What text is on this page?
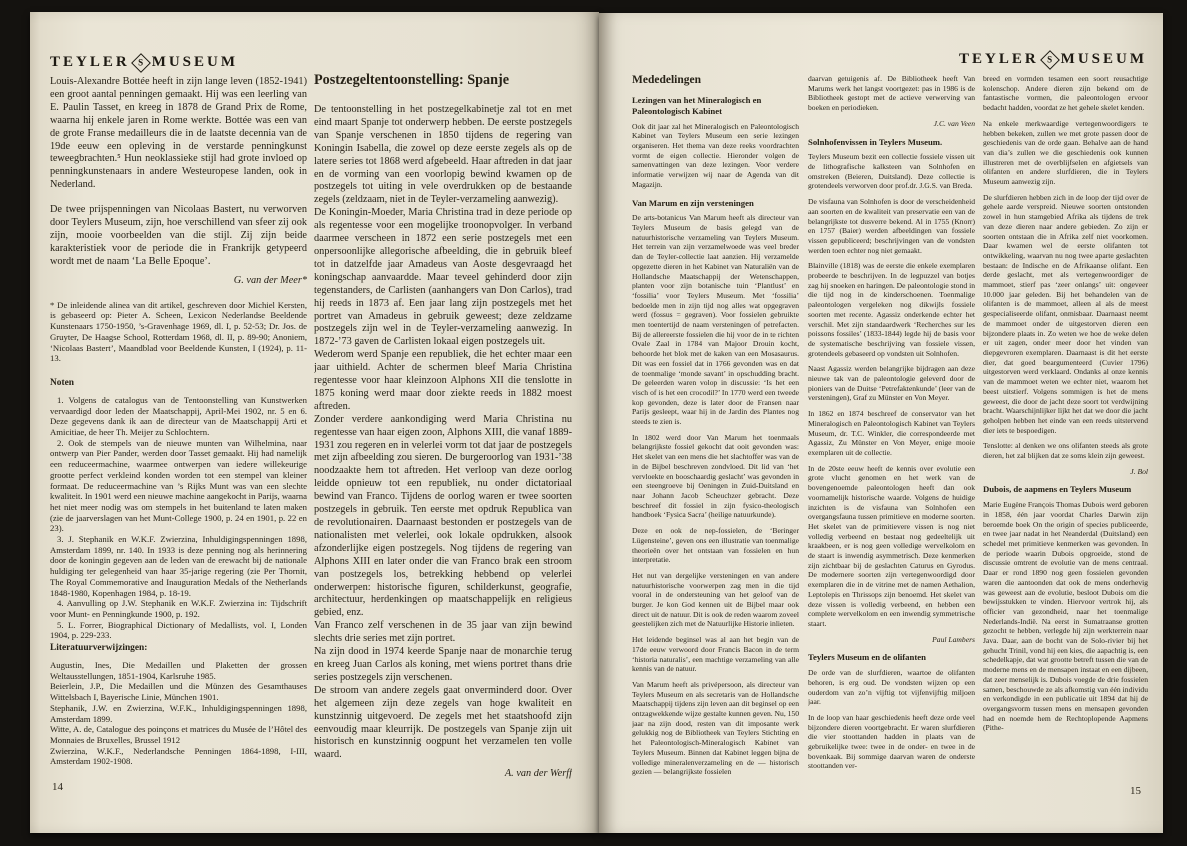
TEYLER S MUSEUM

Louis-Alexandre Bottée heeft in zijn lange leven (1852-1941) een groot aantal penningen gemaakt. Hij was een leerling van E. Paulin Tasset, en kreeg in 1878 de Grand Prix de Rome, waarna hij enkele jaren in Rome werkte. Bottée was een van de grote Franse medailleurs die in de laatste decennia van de 19de eeuw een opleving in de verstarde penningkunst teweegbrachten.⁵ Hun neoklassieke stijl had grote invloed op penningkunstenaars in andere Westeuropese landen, ook in Nederland.

De twee prijspenningen van Nicolaas Bastert, nu verworven door Teylers Museum, zijn, hoe verschillend van sfeer zij ook zijn, mooie voorbeelden van die stijl. Zij zijn beide karakteristiek voor de periode die in Frankrijk getypeerd wordt met de naam ‘La Belle Epoque’.

G. van der Meer*

* De inleidende alinea van dit artikel, geschreven door Michiel Kersten, is gebaseerd op: Pieter A. Scheen, Lexicon Nederlandse Beeldende Kunstenaars 1750-1950, ’s-Gravenhage 1969, dl. I, p. 52-53; Dr. Jos. de Gruyter, De Haagse School, Rotterdam 1968, dl. II, p. 89-90; Anoniem, ‘Nicolaas Bastert’, Maandblad voor Beeldende Kunsten, I (1924), p. 11-13.

Noten

1. Volgens de catalogus van de Tentoonstelling van Kunstwerken vervaardigd door leden der Maatschappij, April-Mei 1902, nr. 5 en 6. Deze gegevens dank ik aan de directeur van de Maatschappij Arti et Amicitiae, de heer Th. Meijer zu Schlochtern.

2. Ook de stempels van de nieuwe munten van Wilhelmina, naar ontwerp van Pier Pander, werden door Tasset gemaakt. Hij had namelijk een reduceermachine, waarmee ontwerpen van iedere willekeurige grootte perfect verkleind konden worden tot een stempel van kleiner formaat. De reduceermachine van ’s Rijks Munt was van een slechte kwaliteit. In 1901 werd een nieuwe machine aangekocht in Parijs, waarna het niet meer nodig was om stempels in het buitenland te laten maken (zie de jaarverslagen van het Munt-College 1900, p. 24 en 1901, p. 22 en 23).

3. J. Stephanik en W.K.F. Zwierzina, Inhuldigingspenningen 1898, Amsterdam 1899, nr. 140. In 1933 is deze penning nog als herinnering door de koningin gegeven aan de leden van de erewacht bij de nationale huldiging ter gelegenheid van haar 35-jarige regering (zie Per Thornit, The Royal Commemorative and Inauguration Medals of the Netherlands 1848-1980, Kopenhagen 1984, p. 18-19.

4. Aanvulling op J.W. Stephanik en W.K.F. Zwierzina in: Tijdschrift voor Munt- en Penningkunde 1900, p. 192.

5. L. Forrer, Biographical Dictionary of Medallists, vol. I, Londen 1904, p. 229-233.

Literatuurverwijzingen:

Augustin, Ines, Die Medaillen und Plaketten der grossen Weltausstellungen, 1851-1904, Karlsruhe 1985.

Beierlein, J.P., Die Medaillen und die Münzen des Gesamthauses Wittelsbach I, Bayerische Linie, München 1901.

Stephanik, J.W. en Zwierzina, W.F.K., Inhuldigingspenningen 1898, Amsterdam 1899.

Witte, A. de, Catalogue des poinçons et matrices du Musée de l’Hôtel des Monnaies de Bruxelles, Brussel 1912

Zwierzina, W.K.F., Nederlandsche Penningen 1864-1898, I-III, Amsterdam 1902-1908.

Postzegeltentoonstelling: Spanje

De tentoonstelling in het postzegelkabinetje zal tot en met eind maart Spanje tot onderwerp hebben. De eerste postzegels van Spanje verschenen in 1850 tijdens de regering van Koningin Isabella, die zowel op deze eerste zegels als op de latere series tot 1868 werd afgebeeld. Haar aftreden in dat jaar en de vorming van een voorlopig bewind kwamen op de postzegels tot uiting in vele overdrukken op de bestaande zegels (zeldzaam, niet in de Teyler-verzameling aanwezig).

De Koningin-Moeder, Maria Christina trad in deze periode op als regentesse voor een mogelijke troonopvolger. In verband daarmee verscheen in 1872 een serie postzegels met een onpersoonlijke allegorische afbeelding, die in gebruik bleef tot in datzelfde jaar Amadeus van Aoste desgevraagd het koningschap aanvaardde. Maar teveel gehinderd door zijn tegenstanders, de Carlisten (aanhangers van Don Carlos), trad hij reeds in 1873 af. Een jaar lang zijn postzegels met het portret van Amadeus in gebruik geweest; deze zeldzame postzegels zijn wel in de Teyler-verzameling aanwezig. In 1872-’73 gaven de Carlisten lokaal eigen postzegels uit.

Wederom werd Spanje een republiek, die het echter maar een jaar uithield. Achter de schermen bleef Maria Christina regentesse voor haar kleinzoon Alphons XII die tenslotte in 1875 koning werd maar door ziekte reeds in 1882 moest aftreden.

Zonder verdere aankondiging werd Maria Christina nu regentesse van haar eigen zoon, Alphons XIII, die vanaf 1889-1931 zou regeren en in velerlei vorm tot dat jaar de postzegels met zijn afbeelding zou sieren. De burgeroorlog van 1931-’38 noodzaakte hem tot aftreden. Het verloop van deze oorlog leidde opnieuw tot een republiek, nu onder dictatoriaal bewind van Franco. Tijdens de oorlog waren er twee soorten postzegels in gebruik. Ten eerste met opdruk Republica van de revolutionairen. Daarnaast bestonden er postzegels van de nationalisten met velerlei, ook lokale opdrukken, alsook afzonderlijke eigen postzegels. Nog tijdens de regering van Alphons XIII en later onder die van Franco brak een stroom van postzegels los, betrekking hebbend op velerlei onderwerpen: historische figuren, schilderkunst, geografie, architectuur, herdenkingen op maatschappelijk en religieus gebied, enz.

Van Franco zelf verschenen in de 35 jaar van zijn bewind slechts drie series met zijn portret.

Na zijn dood in 1974 keerde Spanje naar de monarchie terug en kreeg Juan Carlos als koning, met wiens portret thans drie series postzegels zijn verschenen.

De stroom van andere zegels gaat onverminderd door. Over het algemeen zijn deze zegels van hoge kwaliteit en kunstzinnig uitgevoerd. De zegels met het staatshoofd zijn eenvoudig maar kleurrijk. De postzegels van Spanje zijn uit historisch en kunstzinnig oogpunt het verzamelen ten volle waard.

A. van der Werff

14
TEYLER S MUSEUM
Mededelingen
Lezingen van het Mineralogisch en Paleontologisch Kabinet

Ook dit jaar zal het Mineralogisch en Paleontologisch Kabinet van Teylers Museum een serie lezingen organiseren. Het thema van deze reeks voordrachten vormt de eigen collectie. Hieronder volgen de samenvattingen van deze lezingen. Voor verdere informatie verwijzen wij naar de Agenda van dit Magazijn.

Van Marum en zijn versteningen

De arts-botanicus Van Marum heeft als directeur van Teylers Museum de basis gelegd van de natuurhistorische verzameling van Teylers Museum. Het terrein van zijn verzamelwoede was veel breder dan de Teyler-collectie laat aanzien. Hij verzamelde opgezette dieren in het Kabinet van Naturaliën van de Hollandsche Maatschappij der Wetenschappen, planten voor zijn botanische tuin ‘Plantlust’ en ‘fossilia’ voor Teylers Museum. Met ‘fossilia’ bedoelde men in zijn tijd nog alles wat opgegraven werd (fossus = gegraven). Voor fossielen gebruikte men toentertijd de naam versteningen of petrefacten. Bij de allereerste fossielen die hij voor de in te richten Ovale Zaal in 1784 van Majoor Drouin kocht, behoorde het blok met de kaken van een Mosasaurus. Dit was een fossiel dat in 1766 gevonden was en dat de toenmalige ‘monde savant’ in opschudding bracht. De geleerden waren volop in discussie: ‘Is het een visch of is het een crocodil?’ In 1770 werd een tweede kop gevonden, deze is later door de Fransen naar Parijs gesleept, waar hij in de Jardin des Plantes nog steeds te zien is.

In 1802 werd door Van Marum het toenmaals belangrijkste fossiel gekocht dat ooit gevonden was: Het skelet van een mens die het slachtoffer was van de in de Bijbel beschreven zondvloed. Dit lid van ‘het vervloekte en booschaardig geslacht’ was gevonden in een steengroeve bij Oeningen in Zuid-Duitsland en naar Johann Jacob Scheuchzer gebracht. Deze beschreef dit fossiel in zijn fysico-theologisch handboek ‘Fysica Sacra’ (heilige natuurkunde).

Deze en ook de nep-fossielen, de ‘Beringer Lügensteine’, geven ons een illustratie van toenmalige theorieën over het ontstaan van fossielen en hun interpretatie.

Het nut van dergelijke versteningen en van andere natuurhistorische voorwerpen zag men in die tijd vooral in de ondersteuning van het geloof van de burger. Je kon God kennen uit de Bijbel maar ook direct uit de natuur. Dit is ook de reden waarom zoveel geestelijken zich met de Natuurlijke Historie inlieten.

Het leidende beginsel was al aan het begin van de 17de eeuw verwoord door Francis Bacon in de term ‘historia naturalis’, een machtige verzameling van alle kennis van de natuur.

Van Marum heeft als privépersoon, als directeur van Teylers Museum en als secretaris van de Hollandsche Maatschappij tijdens zijn leven aan dit beginsel op een ontzagwekkende wijze gestalte kunnen geven. Nu, 150 jaar na zijn dood, resten van dit imposante werk gelukkig nog de Bibliotheek van Teylers Stichting en het Paleontologisch-Mineralogisch Kabinet van Teylers Museum. Binnen dat Kabinet leggen bijna de volledige mineralenverzameling en de — historisch gezien — belangrijkste fossielen

daarvan getuigenis af. De Bibliotheek heeft Van Marums werk het langst voortgezet: pas in 1986 is de Bibliotheek gestopt met de actieve verwerving van boeken en periodieken.

J.C. van Veen

Solnhofenvissen in Teylers Museum.

Teylers Museum bezit een collectie fossiele vissen uit de lithografische kalksteen van Solnhofen en omstreken (Beieren, Duitsland). Deze collectie is grotendeels verworven door prof.dr. J.G.S. van Breda.

De visfauna van Solnhofen is door de verscheidenheid aan soorten en de kwaliteit van preservatie een van de belangrijkste tot dusverre bekend. Al in 1755 (Knorr) en 1757 (Baier) werden afbeeldingen van fossiele vissen gepubliceerd; beschrijvingen van de vondsten werden toen echter nog niet gemaakt.

Blainville (1818) was de eerste die enkele exemplaren probeerde te beschrijven. In de legpuzzel van botjes zag hij snoeken en haringen. De paleontologie stond in die tijd nog in de kinderschoenen. Toenmalige paleontologen vergeleken nog dikwijls fossiele soorten met recente. Agassiz onderkende echter het verschil. Met zijn standaardwerk ‘Recherches sur les poissons fossiles’ (1833-1844) legde hij de basis voor de systematische beschrijving van fossiele vissen, grotendeels gebaseerd op vondsten uit Solnhofen.

Naast Agassiz werden belangrijke bijdragen aan deze nieuwe tak van de paleontologie geleverd door de pioniers van de Duitse ‘Petrefaktenkunde’ (leer van de versteningen), Graf zu Münster en Von Meyer.

In 1862 en 1874 beschreef de conservator van het Mineralogisch en Paleontologisch Kabinet van Teylers Museum, dr. T.C. Winkler, die correspondeerde met Agassiz, Zu Münster en Von Meyer, enige mooie exemplaren uit de collectie.

In de 20ste eeuw heeft de kennis over evolutie een grote vlucht genomen en het werk van de bovengenoemde paleontologen heeft dan ook voornamelijk historische waarde. Volgens de huidige inzichten is de visfauna van Solnhofen een overgangsfauna tussen primitieve en moderne soorten. Het skelet van de primitievere vissen is nog niet volledig verbeend en bestaat nog gedeeltelijk uit kraakbeen, er is nog geen volledige wervelkolom en de staart is inwendig asymmetrisch. Deze kenmerken zijn zichtbaar bij de geslachten Caturus en Gyrodus. De modernere soorten zijn vertegenwoordigd door exemplaren die in de vitrine met de namen Aethalion, Leptolepis en Thrissops zijn benoemd. Het skelet van deze vissen is volledig verbeend, en hebben een complete wervelkolom en een inwendig symmetrische staart.

Paul Lambers

Teylers Museum en de olifanten

De orde van de slurfdieren, waartoe de olifanten behoren, is erg oud. De vondsten wijzen op een ouderdom van zo’n vijftig tot vijfenvijftig miljoen jaar.

In de loop van haar geschiedenis heeft deze orde veel bijzondere dieren voortgebracht. Er waren slurfdieren die vier stoottanden hadden in plaats van de gebruikelijke twee: twee in de onder- en twee in de bovenkaak. Bij sommige daarvan waren de onderste stoottanden ver-

breed en vormden tesamen een soort reusachtige kolenschop. Andere dieren zijn bekend om de fantastische vormen, die paleontologen ervoor bedacht hadden, voordat ze het gehele skelet kenden.

Na enkele merkwaardige vertegenwoordigers te hebben bekeken, zullen we met grote passen door de geschiedenis van de orde gaan. Behalve aan de hand van dia’s zullen we die geschiedenis ook kunnen illustreren met de overblijfselen en afgietsels van olifanten en andere slurfdieren, die in Teylers Museum aanwezig zijn.

De slurfdieren hebben zich in de loop der tijd over de gehele aarde verspreid. Nieuwe soorten ontstonden zowel in hun stamgebied Afrika als tijdens de trek van deze dieren naar andere gebieden. Zo zijn er soorten ontstaan die in Afrika zelf niet voorkomen. Daar kwamen wel de eerste olifanten tot ontwikkeling, waarvan nu nog twee aparte geslachten bestaan: de Indische en de Afrikaanse olifant. Een derde geslacht, met als vertegenwoordiger de mammoet, stierf pas ‘zeer onlangs’ uit: ongeveer 10.000 jaar geleden. Bij het behandelen van de olifanten is de mammoet, alleen al als de meest gespecialiseerde olifant, onmisbaar. Daarnaast neemt de mammoet onder de uitgestorven dieren een bijzondere plaats in. Zo weten we hoe de weke delen er uit zagen, onder meer door het vinden van diepgevroren exemplaren. Daarnaast is dit het eerste dier, dat goed beargumenteerd (Cuvier 1796) uitgestorven werd verklaard. Ondanks al onze kennis van de mammoet weten we echter niet, waarom het beest uitstierf. Volgens sommigen is het de mens geweest, die door de jacht deze soort tot verdwijning bracht. Waarschijnlijker lijkt het dat we door die jacht geholpen hebben het einde van een reeds uitstervend dier iets te bespoedigen.

Tenslotte: al denken we ons olifanten steeds als grote dieren, het zal blijken dat ze soms klein zijn geweest.

J. Bol

Dubois, de aapmens en Teylers Museum

Marie Eugène François Thomas Dubois werd geboren in 1858, één jaar voordat Charles Darwin zijn beroemde boek On the origin of species publiceerde, en twee jaar nadat in het Neanderdal (Duitsland) een schedel met primitieve kenmerken was gevonden. In de periode waarin Dubois opgroeide, stond de discussie omtrent de evolutie van de mens centraal. Daar er rond 1890 nog geen fossielen gevonden waren die aantoonden dat ook de mens onderhevig was geweest aan de evolutie, besloot Dubois om die bewijsstukken te vinden. Hiervoor vertrok hij, als officier van gezondheid, naar het toenmalige Nederlands-Indië. Na eerst in Sumatraanse grotten gezocht te hebben, verlegde hij zijn werkterrein naar Java. Daar, aan de bocht van de Solo-rivier bij het gehucht Trinil, vond hij een kies, die aapachtig is, een schedelkapje, dat wat grootte betreft tussen die van de moderne mens en de mensapen instaat en een dijbeen, dat zeer menselijk is. Dubois voegde de drie fossielen samen, beschouwde ze als afkomstig van één individu en verkondigde in een publicatie uit 1894 dat hij de overgangsvorm tussen mens en mensapen gevonden had en noemde hem de Rechtoplopende Aapmens (Pithe-

15
